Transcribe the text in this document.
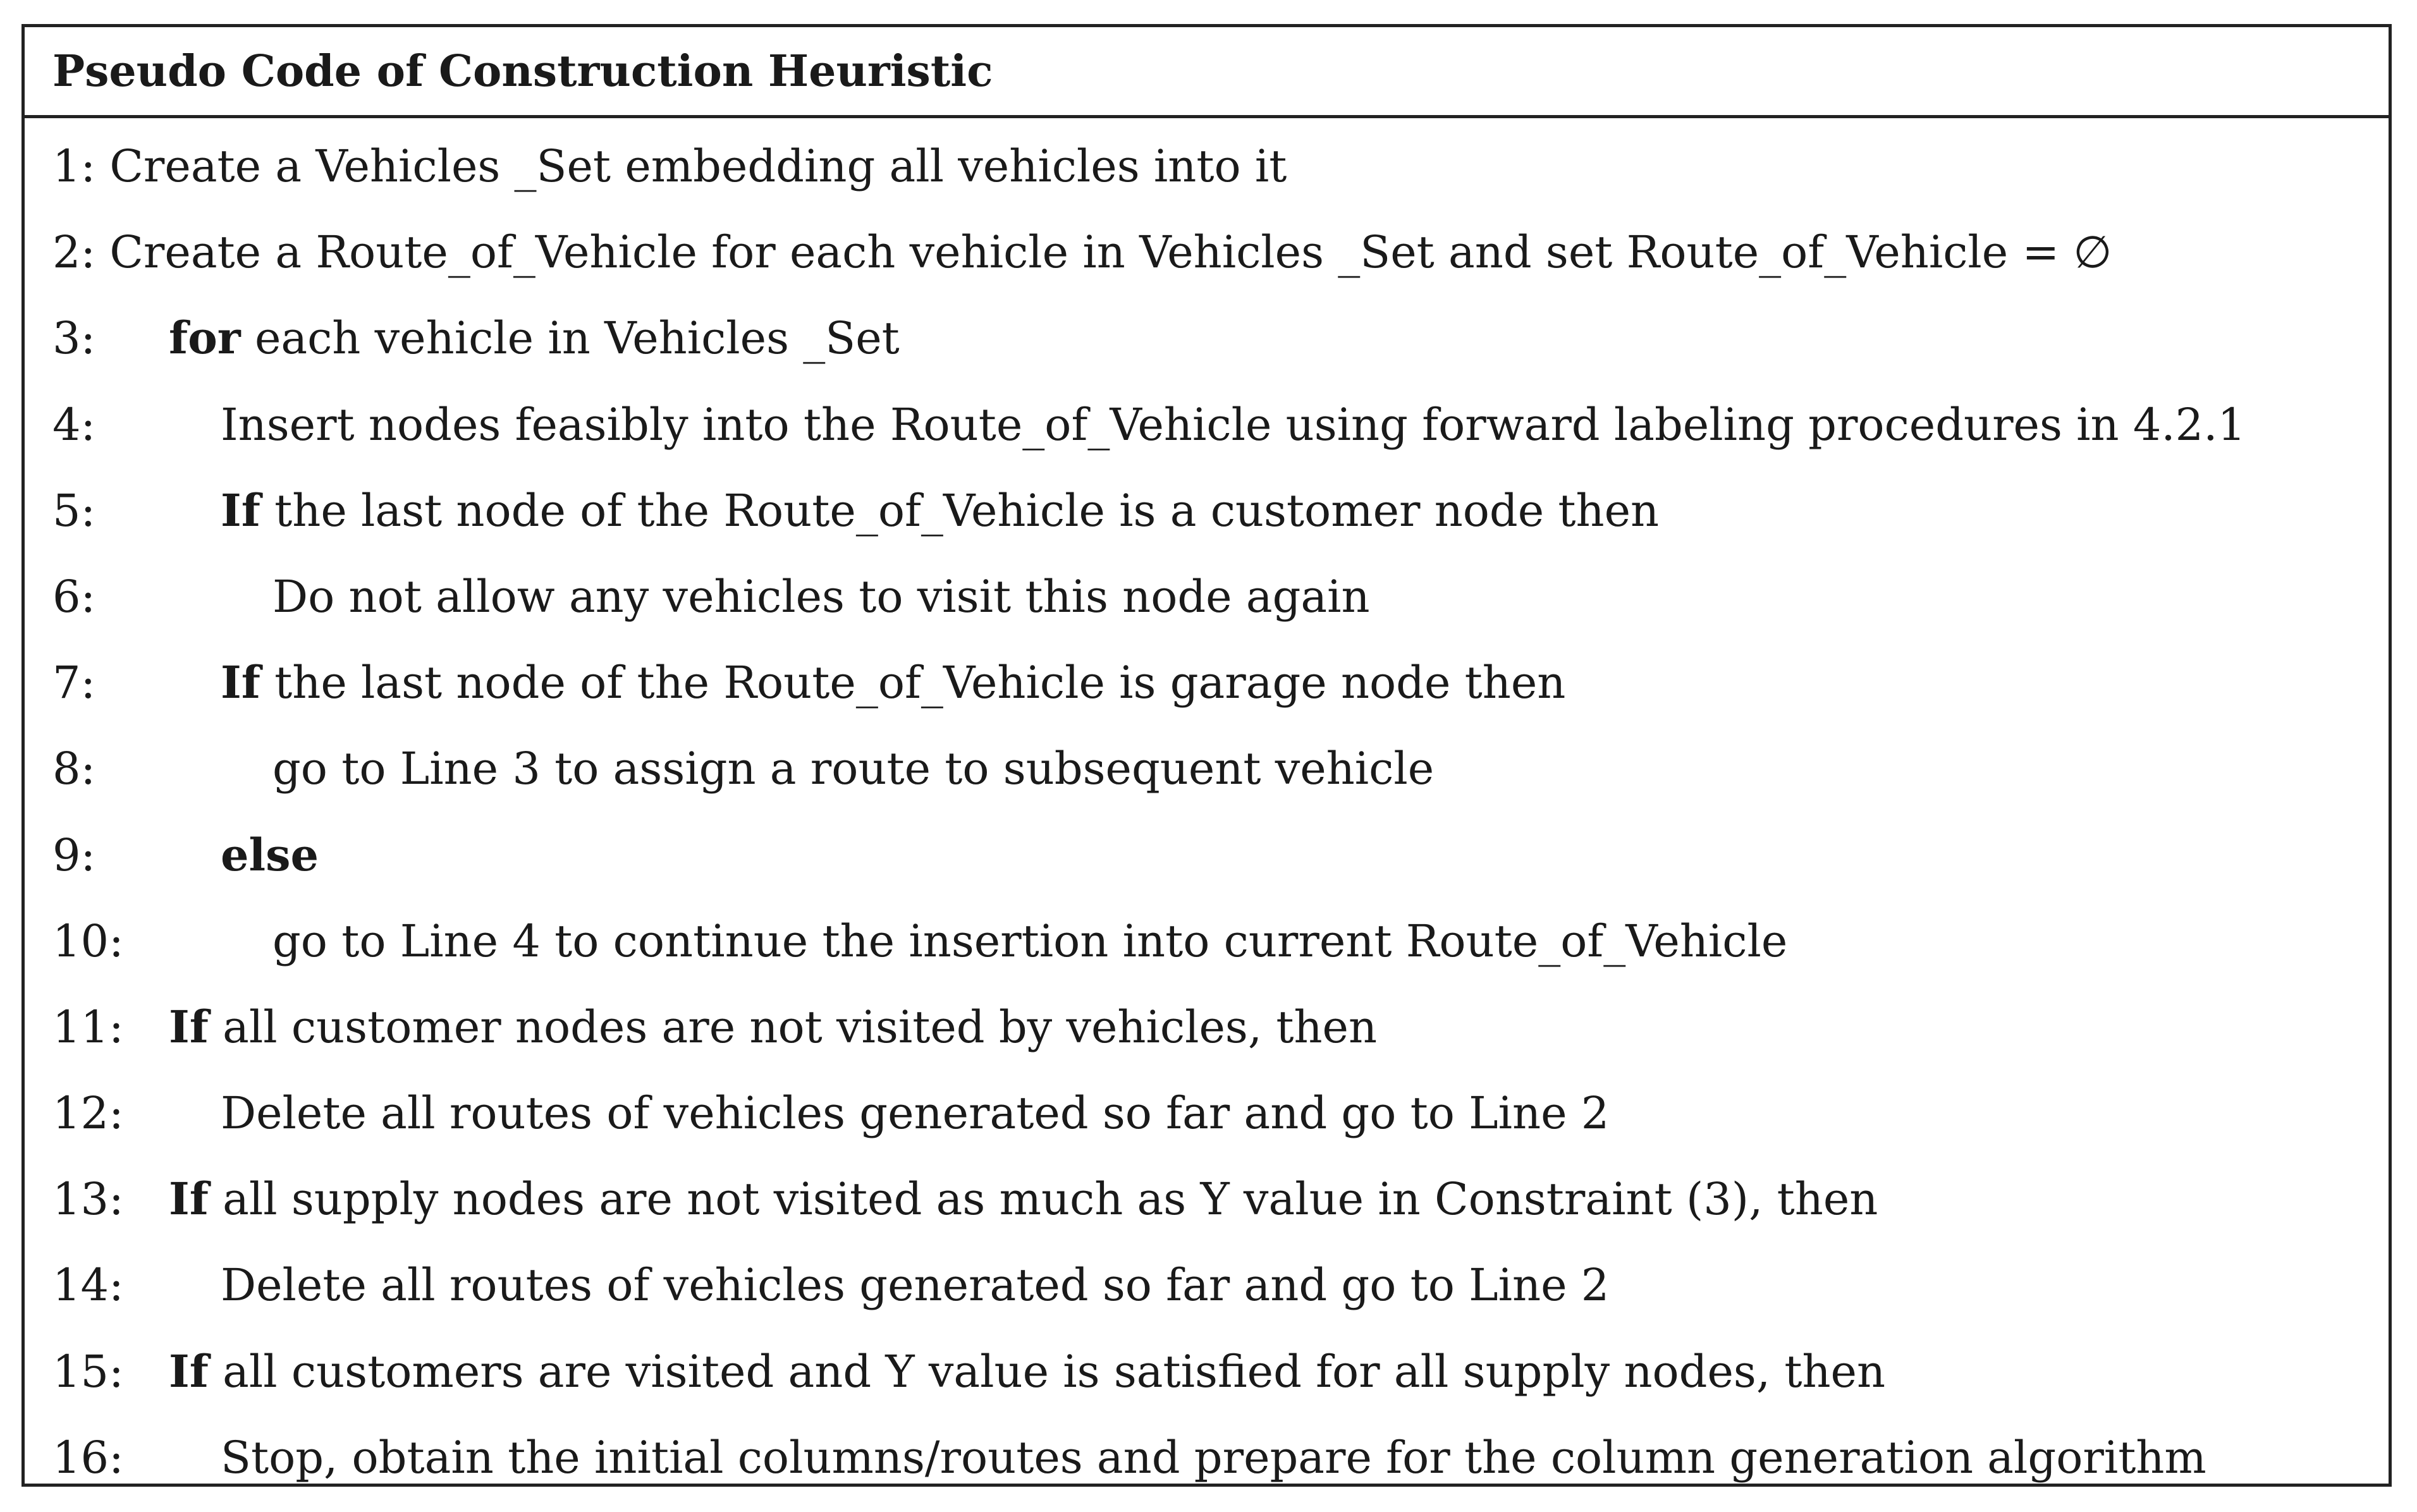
Pseudo Code of Construction Heuristic
1: Create a Vehicles _Set embedding all vehicles into it
2: Create a Route_of_Vehicle for each vehicle in Vehicles _Set and set Route_of_Vehicle = ∅
3: for each vehicle in Vehicles _Set
4:	Insert nodes feasibly into the Route_of_Vehicle using forward labeling procedures in 4.2.1
5:	If the last node of the Route_of_Vehicle is a customer node then
6:	Do not allow any vehicles to visit this node again
7:	If the last node of the Route_of_Vehicle is garage node then
8:	go to Line 3 to assign a route to subsequent vehicle
9:	else
10:	go to Line 4 to continue the insertion into current Route_of_Vehicle
11: If all customer nodes are not visited by vehicles, then
12: Delete all routes of vehicles generated so far and go to Line 2
13: If all supply nodes are not visited as much as Y value in Constraint (3), then
14: Delete all routes of vehicles generated so far and go to Line 2
15: If all customers are visited and Y value is satisfied for all supply nodes, then
16: Stop, obtain the initial columns/routes and prepare for the column generation algorithm
